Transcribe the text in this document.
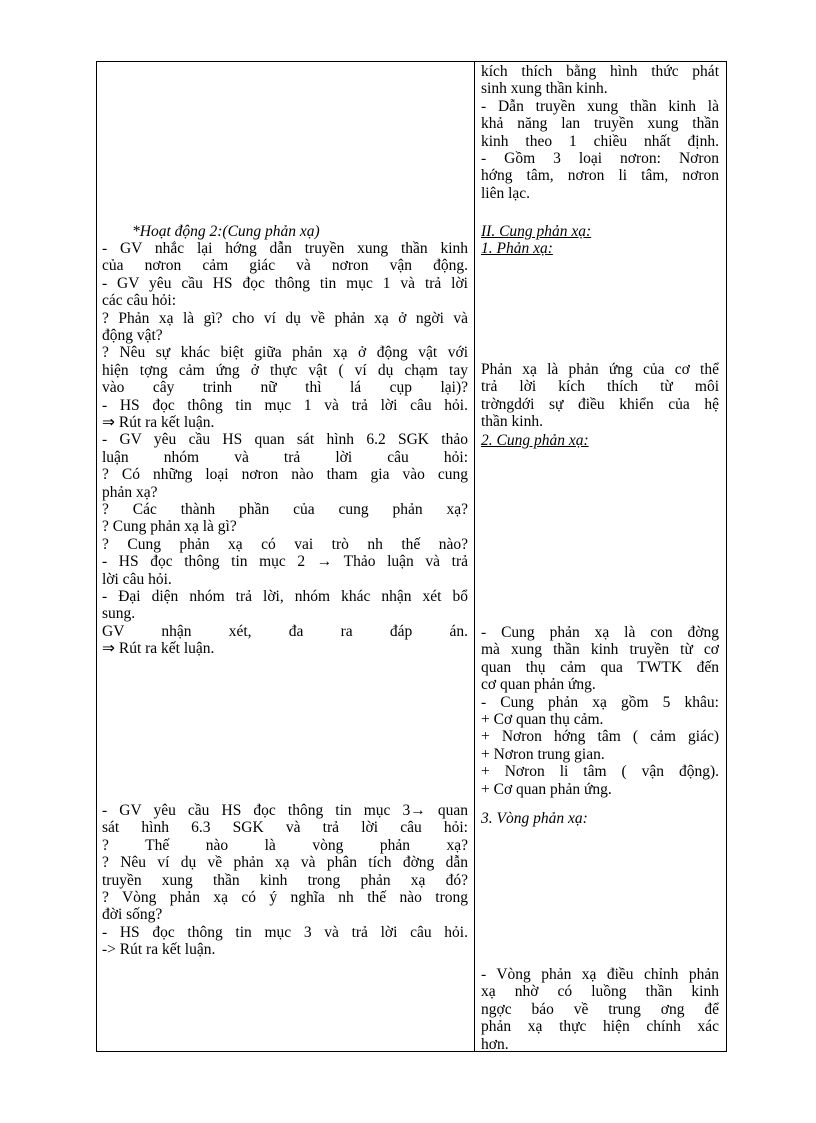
kích thích bằng hình thức phát
sinh xung thần kinh.
- Dẫn truyền xung thần kinh là
khả năng lan truyền xung thần
kinh theo 1 chiều nhất định.
- Gồm 3 loại nơron: Nơron
hớng tâm, nơron li tâm, nơron
liên lạc.
II. Cung phản xạ:
1. Phản xạ:
Phản xạ là phản ứng của cơ thể
trả lời kích thích từ môi
trờngdới sự điều khiển của hệ
thần kinh.
2. Cung phản xạ:
- Cung phản xạ là con đờng
mà xung thần kinh truyền từ cơ
quan thụ cảm qua TWTK đến
cơ quan phản ứng.
- Cung phản xạ gồm 5 khâu:
+ Cơ quan thụ cảm.
+ Nơron hớng tâm ( cảm giác)
+ Nơron trung gian.
+ Nơron li tâm ( vận động).
+ Cơ quan phản ứng.
3. Vòng phản xạ:
- Vòng phản xạ điều chỉnh phản
xạ nhờ có luồng thần kinh
ngợc báo về trung ơng để
phản xạ thực hiện chính xác
hơn.
*Hoạt động 2:(Cung phản xạ)
- GV nhắc lại hớng dẫn truyền xung thần kinh
của nơron cảm giác và nơron vận động.
- GV yêu cầu HS đọc thông tin mục 1 và trả lời
các câu hỏi:
? Phản xạ là gì? cho ví dụ về phản xạ ở ngời và
động vật?
? Nêu sự khác biệt giữa phản xạ ở động vật với
hiện tợng cảm ứng ở thực vật ( ví dụ chạm tay
vào cây trinh nữ thì lá cụp lại)?
- HS đọc thông tin mục 1 và trả lời câu hỏi.
⇒ Rút ra kết luận.
- GV yêu cầu HS quan sát hình 6.2 SGK thảo
luận nhóm và trả lời câu hỏi:
? Có những loại nơron nào tham gia vào cung
phản xạ?
? Các thành phần của cung phản xạ?
? Cung phản xạ là gì?
? Cung phản xạ có vai trò nh thế nào?
- HS đọc thông tin mục 2 → Thảo luận và trả
lời câu hỏi.
- Đại diện nhóm trả lời, nhóm khác nhận xét bổ
sung.
GV nhận xét, đa ra đáp án.
⇒ Rút ra kết luận.
- GV yêu cầu HS đọc thông tin mục 3→ quan
sát hình 6.3 SGK và trả lời câu hỏi:
? Thế nào là vòng phản xạ?
? Nêu ví dụ về phản xạ và phân tích đờng dẫn
truyền xung thần kinh trong phản xạ đó?
? Vòng phản xạ có ý nghĩa nh thế nào trong
đời sống?
- HS đọc thông tin mục 3 và trả lời câu hỏi.
-> Rút ra kết luận.
